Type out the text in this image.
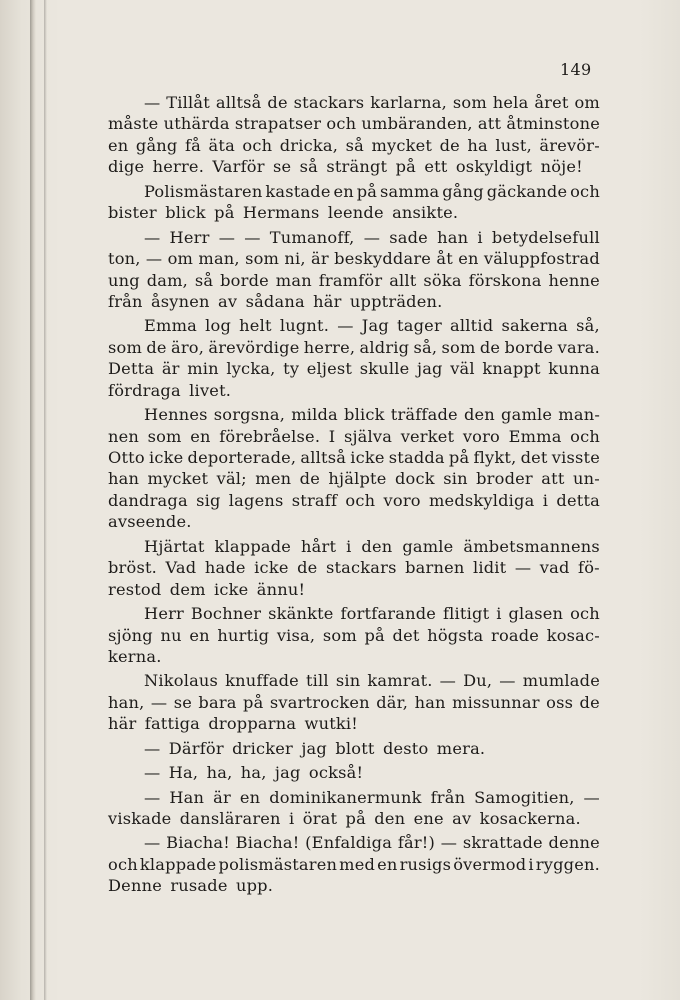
149
— Tillåt alltså de stackars karlarna, som hela året om
måste uthärda strapatser och umbäranden, att åtminstone
en gång få äta och dricka, så mycket de ha lust, ärevör-
dige herre. Varför se så strängt på ett oskyldigt nöje!
Polismästaren kastade en på samma gång gäckande och
bister blick på Hermans leende ansikte.
— Herr — — Tumanoff, — sade han i betydelsefull
ton, — om man, som ni, är beskyddare åt en väluppfostrad
ung dam, så borde man framför allt söka förskona henne
från åsynen av sådana här uppträden.
Emma log helt lugnt. — Jag tager alltid sakerna så,
som de äro, ärevördige herre, aldrig så, som de borde vara.
Detta är min lycka, ty eljest skulle jag väl knappt kunna
fördraga livet.
Hennes sorgsna, milda blick träffade den gamle man-
nen som en förebråelse. I själva verket voro Emma och
Otto icke deporterade, alltså icke stadda på flykt, det visste
han mycket väl; men de hjälpte dock sin broder att un-
dandraga sig lagens straff och voro medskyldiga i detta
avseende.
Hjärtat klappade hårt i den gamle ämbetsmannens
bröst. Vad hade icke de stackars barnen lidit — vad fö-
restod dem icke ännu!
Herr Bochner skänkte fortfarande flitigt i glasen och
sjöng nu en hurtig visa, som på det högsta roade kosac-
kerna.
Nikolaus knuffade till sin kamrat. — Du, — mumlade
han, — se bara på svartrocken där, han missunnar oss de
här fattiga dropparna wutki!
— Därför dricker jag blott desto mera.
— Ha, ha, ha, jag också!
— Han är en dominikanermunk från Samogitien, —
viskade dansläraren i örat på den ene av kosackerna.
— Biacha! Biacha! (Enfaldiga får!) — skrattade denne
och klappade polismästaren med en rusigs övermod i ryggen.
Denne rusade upp.
